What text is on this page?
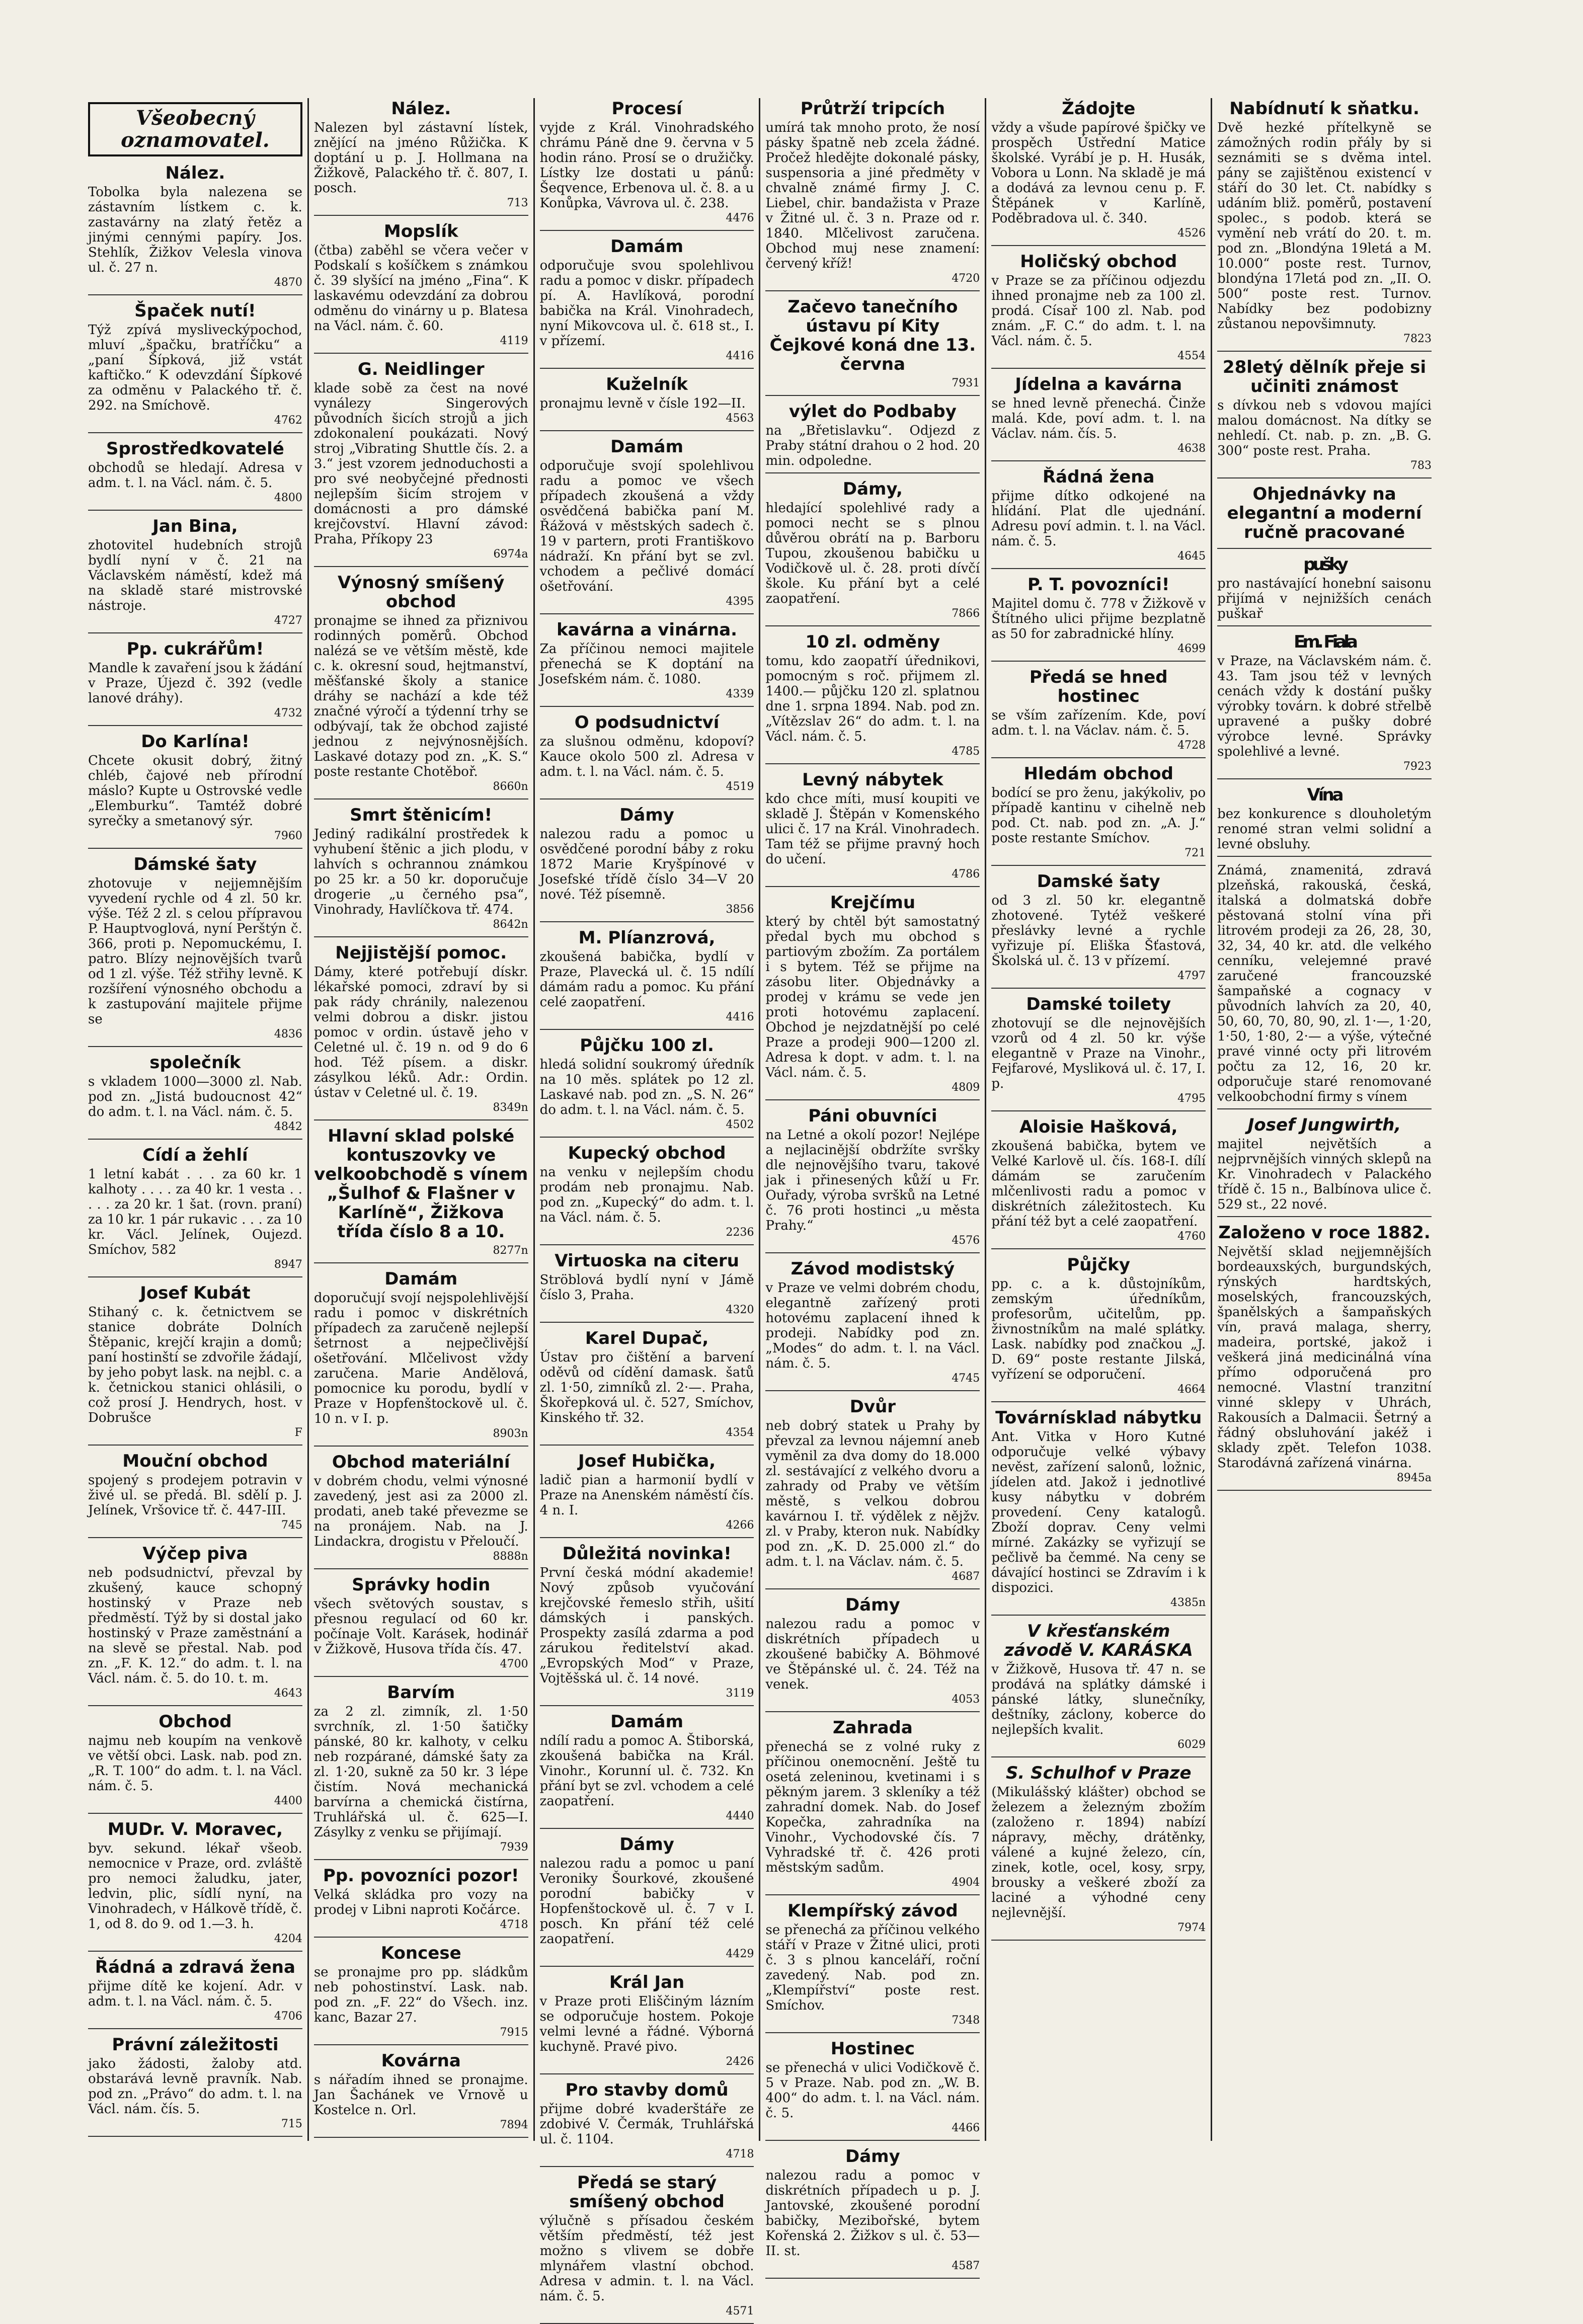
Všeobecný oznamovatel.
Nález.

Tobolka byla nalezena se zástavním lístkem c. k. zastavárny na zlatý řetěz a jinými cennými papíry. Jos. Stehlík, Žižkov Velesla vinova ul. č. 27 n.

4870
Špaček nutí!

Týž zpívá mysliveckýpochod, mluví „špačku, bratříčku“ a „paní Šípková, již vstát kaftičko.“ K odevzdání Šípkové za odměnu v Palackého tř. č. 292. na Smíchově.

4762
Sprostředkovatelé

obchodů se hledají. Adresa v adm. t. l. na Václ. nám. č. 5.

4800
Jan Bina,

zhotovitel hudebních strojů bydlí nyní v č. 21 na Václavském náměstí, kdež má na skladě staré mistrovské nástroje.

4727
Pp. cukrářům!

Mandle k zavaření jsou k žádání v Praze, Újezd č. 392 (vedle lanové dráhy).

4732
Do Karlína!

Chcete okusit dobrý, žitný chléb, čajové neb přírodní máslo? Kupte u Ostrovské vedle „Elemburku“. Tamtéž dobré syrečky a smetanový sýr.

7960
Dámské šaty

zhotovuje v nejjemnějším vyvedení rychle od 4 zl. 50 kr. výše. Též 2 zl. s celou přípravou P. Hauptvoglová, nyní Perštýn č. 366, proti p. Nepomuckému, I. patro. Blízy nejnovějších tvarů od 1 zl. výše. Též střihy levně. K rozšíření výnosného obchodu a k zastupování majitele přijme se

4836
společník

s vkladem 1000—3000 zl. Nab. pod zn. „Jistá budoucnost 42“ do adm. t. l. na Václ. nám. č. 5.

4842
Cídí a žehlí

1 letní kabát . . . za 60 kr. 1 kalhoty . . . . za 40 kr. 1 vesta . . . . . za 20 kr. 1 šat. (rovn. praní) za 10 kr. 1 pár rukavic . . . za 10 kr. Václ. Jelínek, Oujezd. Smíchov, 582

8947
Josef Kubát

Stihaný c. k. četnictvem se stanice dobráte Dolních Štěpanic, krejčí krajin a domů; paní hostinští se zdvořile žádají, by jeho pobyt lask. na nejbl. c. a k. četnickou stanici ohlásili, o což prosí J. Hendrych, host. v Dobrušce

F
Mouční obchod

spojený s prodejem potravin v živé ul. se předá. Bl. sdělí p. J. Jelínek, Vršovice tř. č. 447-III.

745
Výčep piva

neb podsudnictví, převzal by zkušený, kauce schopný hostinský v Praze neb předměstí. Týž by si dostal jako hostinský v Praze zaměstnání a na slevě se přestal. Nab. pod zn. „F. K. 12.“ do adm. t. l. na Václ. nám. č. 5. do 10. t. m.

4643
Obchod

najmu neb koupím na venkově ve větší obci. Lask. nab. pod zn. „R. T. 100“ do adm. t. l. na Václ. nám. č. 5.

4400
MUDr. V. Moravec,

byv. sekund. lékař všeob. nemocnice v Praze, ord. zvláště pro nemoci žaludku, jater, ledvin, plic, sídlí nyní, na Vinohradech, v Hálkově třídě, č. 1, od 8. do 9. od 1.—3. h.

4204
Řádná a zdravá žena

přijme dítě ke kojení. Adr. v adm. t. l. na Václ. nám. č. 5.

4706
Právní záležitosti

jako žádosti, žaloby atd. obstarává levně pravník. Nab. pod zn. „Právo“ do adm. t. l. na Václ. nám. čís. 5.

715
Nález.

Nalezen byl zástavní lístek, znějící na jméno Růžička. K doptání u p. J. Hollmana na Žižkově, Palackého tř. č. 807, I. posch.

713
Mopslík

(čtba) zaběhl se včera večer v Podskalí s košíčkem s známkou č. 39 slyšící na jméno „Fina“. K laskavému odevzdání za dobrou odměnu do vinárny u p. Blatesa na Václ. nám. č. 60.

4119
G. Neidlinger

klade sobě za čest na nové vynálezy Singerových původních šicích strojů a jich zdokonalení poukázati. Nový stroj „Vibrating Shuttle čís. 2. a 3.“ jest vzorem jednoduchosti a pro své neobyčejné přednosti nejlepším šicím strojem v domácnosti a pro dámské krejčovství. Hlavní závod: Praha, Příkopy 23

6974a
Výnosný smíšený obchod

pronajme se ihned za přiznivou rodinných poměrů. Obchod nalézá se ve větším městě, kde c. k. okresní soud, hejtmanství, měšťanské školy a stanice dráhy se nachází a kde též značné výročí a týdenní trhy se odbývají, tak že obchod zajisté jednou z nejvýnosnějších. Laskavé dotazy pod zn. „K. S.“ poste restante Chotěboř.

8660n
Smrt štěnicím!

Jediný radikální prostředek k vyhubení štěnic a jich plodu, v lahvích s ochrannou známkou po 25 kr. a 50 kr. doporučuje drogerie „u černého psa“, Vinohrady, Havlíčkova tř. 474.

8642n
Nejjistější pomoc.

Dámy, které potřebují dískr. lékařské pomoci, zdraví by si pak rády chránily, nalezenou velmi dobrou a diskr. jistou pomoc v ordin. ústavě jeho v Celetné ul. č. 19 n. od 9 do 6 hod. Též písem. a diskr. zásylkou léků. Adr.: Ordin. ústav v Celetné ul. č. 19.

8349n
Hlavní sklad polské kontuszovky ve velkoobchodě s vínem „Šulhof & Flašner v Karlíně“, Žižkova třída číslo 8 a 10.
8277n
Damám

doporučují svojí nejspolehlivější radu i pomoc v diskrétních případech za zaručeně nejlepší šetrnost a nejpečlivější ošetřování. Mlčelivost vždy zaručena. Marie Andělová, pomocnice ku porodu, bydlí v Praze v Hopfenštockově ul. č. 10 n. v I. p.

8903n
Obchod materiální

v dobrém chodu, velmi výnosné zavedený, jest asi za 2000 zl. prodati, aneb také převezme se na pronájem. Nab. na J. Lindackra, drogistu v Přeloučí.

8888n
Správky hodin

všech světových soustav, s přesnou regulací od 60 kr. počínaje Volt. Karásek, hodinář v Žižkově, Husova třída čís. 47.

4700
Barvím

za 2 zl. zimník, zl. 1·50 svrchník, zl. 1·50 šatičky pánské, 80 kr. kalhoty, v celku neb rozpárané, dámské šaty za zl. 1·20, sukně za 50 kr. 3 lépe čistím. Nová mechanická barvírna a chemická čistírna, Truhlářská ul. č. 625—I. Zásylky z venku se přijímají.

7939
Pp. povozníci pozor!

Velká skládka pro vozy na prodej v Libni naproti Kočárce.

4718
Koncese

se pronajme pro pp. sládkům neb pohostinství. Lask. nab. pod zn. „F. 22“ do Všech. inz. kanc, Bazar 27.

7915
Kovárna

s nářadím ihned se pronajme. Jan Šachánek ve Vrnově u Kostelce n. Orl.

7894
Procesí

vyjde z Král. Vinohradského chrámu Páně dne 9. června v 5 hodin ráno. Prosí se o družičky. Lístky lze dostati u pánů: Šeqvence, Erbenova ul. č. 8. a u Konůpka, Vávrova ul. č. 238.

4476
Damám

odporučuje svou spolehlivou radu a pomoc v diskr. případech pí. A. Havlíková, porodní babička na Král. Vinohradech, nyní Mikovcova ul. č. 618 st., I. v přízemí.

4416
Kuželník

pronajmu levně v čísle 192—II.

4563
Damám

odporučuje svojí spolehlivou radu a pomoc ve všech případech zkoušená a vždy osvědčená babička paní M. Řážová v městských sadech č. 19 v partern, proti Františkovo nádraží. Kn přání byt se zvl. vchodem a pečlivé domácí ošetřování.

4395
kavárna a vinárna.

Za příčinou nemoci majitele přenechá se K doptání na Josefském nám. č. 1080.

4339
O podsudnictví

za slušnou odměnu, kdopoví? Kauce okolo 500 zl. Adresa v adm. t. l. na Václ. nám. č. 5.

4519
Dámy

nalezou radu a pomoc u osvědčené porodní báby z roku 1872 Marie Kryšpínové v Josefské třídě číslo 34—V 20 nové. Též písemně.

3856
M. Plíanzrová,

zkoušená babička, bydlí v Praze, Plavecká ul. č. 15 ndílí dámám radu a pomoc. Ku přání celé zaopatření.

4416
Půjčku 100 zl.

hledá solidní soukromý úředník na 10 měs. splátek po 12 zl. Laskavé nab. pod zn. „S. N. 26“ do adm. t. l. na Václ. nám. č. 5.

4502
Kupecký obchod

na venku v nejlepším chodu prodám neb pronajmu. Nab. pod zn. „Kupecký“ do adm. t. l. na Václ. nám. č. 5.

2236
Virtuoska na citeru

Ströblová bydlí nyní v Jámě číslo 3, Praha.

4320
Karel Dupač,

Ústav pro čištění a barvení oděvů od cídění damask. šatů zl. 1·50, zimníků zl. 2·—. Praha, Škořepková ul. č. 527, Smíchov, Kinského tř. 32.

4354
Josef Hubička,

ladič pian a harmonií bydlí v Praze na Anenském náměstí čís. 4 n. I.

4266
Důležitá novinka!

První česká módní akademie! Nový způsob vyučování krejčovské řemeslo střih, ušití dámských i panských. Prospekty zasílá zdarma a pod zárukou ředitelství akad. „Evropských Mod“ v Praze, Vojtěšská ul. č. 14 nové.

3119
Damám

ndílí radu a pomoc A. Štiborská, zkoušená babička na Král. Vinohr., Korunní ul. č. 732. Kn přání byt se zvl. vchodem a celé zaopatření.

4440
Dámy

nalezou radu a pomoc u paní Veroniky Šourkové, zkoušené porodní babičky v Hopfenštockově ul. č. 7 v I. posch. Kn přání též celé zaopatření.

4429
Král Jan

v Praze proti Eliščiným lázním se odporučuje hostem. Pokoje velmi levné a řádné. Výborná kuchyně. Pravé pivo.

2426
Pro stavby domů

přijme dobré kvaderštáře ze zdobivé V. Čermák, Truhlářská ul. č. 1104.

4718
Předá se starý smíšený obchod

výlučně s přísadou českém větším předměstí, též jest možno s vlivem se dobře mlynářem vlastní obchod. Adresa v admin. t. l. na Václ. nám. č. 5.

4571
Průtrží tripcích

umírá tak mnoho proto, že nosí pásky špatně neb zcela žádné. Pročež hledějte dokonalé pásky, suspensoria a jiné předměty v chvalně známé firmy J. C. Liebel, chir. bandažista v Praze v Žitné ul. č. 3 n. Praze od r. 1840. Mlčelivost zaručena. Obchod muj nese znamení: červený kříž!

4720
Začevo tanečního ústavu pí Kity Čejkové koná dne 13. června
7931
výlet do Podbaby

na „Břetislavku“. Odjezd z Praby státní drahou o 2 hod. 20 min. odpoledne.

Dámy,

hledající spolehlivé rady a pomoci necht se s plnou důvěrou obrátí na p. Barboru Tupou, zkoušenou babičku u Vodičkově ul. č. 28. proti dívčí škole. Ku přání byt a celé zaopatření.

7866
10 zl. odměny

tomu, kdo zaopatří úřednikovi, pomocným s roč. přijmem zl. 1400.— půjčku 120 zl. splatnou dne 1. srpna 1894. Nab. pod zn. „Vítězslav 26“ do adm. t. l. na Václ. nám. č. 5.

4785
Levný nábytek

kdo chce míti, musí koupiti ve skladě J. Štěpán v Komenského ulici č. 17 na Král. Vinohradech. Tam též se přijme pravný hoch do učení.

4786
Krejčímu

který by chtěl být samostatný předal bych mu obchod s partiovým zbožím. Za portálem i s bytem. Též se přijme na zásobu liter. Objednávky a prodej v krámu se vede jen proti hotovému zaplacení. Obchod je nejzdatnější po celé Praze a prodeji 900—1200 zl. Adresa k dopt. v adm. t. l. na Václ. nám. č. 5.

4809
Páni obuvníci

na Letné a okolí pozor! Nejlépe a nejlacinější obdržíte svršky dle nejnovějšího tvaru, takové jak i přinesených kůží u Fr. Ouřady, výroba svršků na Letné č. 76 proti hostinci „u města Prahy.“

4576
Závod modistský

v Praze ve velmi dobrém chodu, elegantně zařízený proti hotovému zaplacení ihned k prodeji. Nabídky pod zn. „Modes“ do adm. t. l. na Václ. nám. č. 5.

4745
Dvůr

neb dobrý statek u Prahy by převzal za levnou nájemní aneb vyměnil za dva domy do 18.000 zl. sestávající z velkého dvoru a zahrady od Praby ve větším městě, s velkou dobrou kavárnou I. tř. výdělek z nějžv. zl. v Praby, kteron nuk. Nabídky pod zn. „K. D. 25.000 zl.“ do adm. t. l. na Václav. nám. č. 5.

4687
Dámy

nalezou radu a pomoc v diskrétních případech u zkoušené babičky A. Böhmové ve Štěpánské ul. č. 24. Též na venek.

4053
Zahrada

přenechá se z volné ruky z příčinou onemocnění. Ještě tu osetá zeleninou, kvetinami i s pěkným jarem. 3 skleníky a též zahradní domek. Nab. do Josef Kopečka, zahradníka na Vinohr., Vychodovské čís. 7 Vyhradské tř. č. 426 proti městským sadům.

4904
Klempířský závod

se přenechá za příčinou velkého stáří v Praze v Žitné ulici, proti č. 3 s plnou kanceláří, roční zavedený. Nab. pod zn. „Klempířství“ poste rest. Smíchov.

7348
Hostinec

se přenechá v ulici Vodičkově č. 5 v Praze. Nab. pod zn. „W. B. 400“ do adm. t. l. na Václ. nám. č. 5.

4466
Dámy

nalezou radu a pomoc v diskrétních případech u p. J. Jantovské, zkoušené porodní babičky, Mezibořské, bytem Kořenská 2. Žižkov s ul. č. 53—II. st.

4587
Žádojte

vždy a všude papírové špičky ve prospěch Ústřední Matice školské. Vyrábí je p. H. Husák, Vobora u Lonn. Na skladě je má a dodává za levnou cenu p. F. Štěpánek v Karlíně, Poděbradova ul. č. 340.

4526
Holičský obchod

v Praze se za příčinou odjezdu ihned pronajme neb za 100 zl. prodá. Císař 100 zl. Nab. pod znám. „F. C.“ do adm. t. l. na Václ. nám. č. 5.

4554
Jídelna a kavárna

se hned levně přenechá. Činže malá. Kde, poví adm. t. l. na Václav. nám. čís. 5.

4638
Řádná žena

přijme dítko odkojené na hlídání. Plat dle ujednání. Adresu poví admin. t. l. na Václ. nám. č. 5.

4645
P. T. povozníci!

Majitel domu č. 778 v Žižkově v Štítného ulici přijme bezplatně as 50 for zabradnické hlíny.

4699
Předá se hned hostinec

se vším zařízením. Kde, poví adm. t. l. na Václav. nám. č. 5.

4728
Hledám obchod

bodící se pro ženu, jakýkoliv, po případě kantinu v cihelně neb pod. Ct. nab. pod zn. „A. J.“ poste restante Smíchov.

721
Damské šaty

od 3 zl. 50 kr. elegantně zhotovené. Tytéž veškeré přeslávky levné a rychle vyřizuje pí. Eliška Šťastová, Školská ul. č. 13 v přízemí.

4797
Damské toilety

zhotovují se dle nejnovějších vzorů od 4 zl. 50 kr. výše elegantně v Praze na Vinohr., Fejfarové, Mysliková ul. č. 17, I. p.

4795
Aloisie Hašková,

zkoušená babička, bytem ve Velké Karlově ul. čís. 168-I. dílí dámám se zaručením mlčenlivosti radu a pomoc v diskrétních záležitostech. Ku přání též byt a celé zaopatření.

4760
Půjčky

pp. c. a k. důstojníkům, zemským úředníkům, profesorům, učitelům, pp. živnostníkům na malé splátky. Lask. nabídky pod značkou „J. D. 69“ poste restante Jilská, vyřízení se odporučení.

4664
Továrnísklad nábytku

Ant. Vitka v Horo Kutné odporučuje velké výbavy nevěst, zařízení salonů, ložnic, jídelen atd. Jakož i jednotlivé kusy nábytku v dobrém provedení. Ceny katalogů. Zboží doprav. Ceny velmi mírné. Zakázky se vyřizují se pečlivě ba čemmé. Na ceny se dávající hostinci se Zdravím i k dispozici.

4385n
V křesťanském závodě V. KARÁSKA

v Žižkově, Husova tř. 47 n. se prodává na splátky dámské i pánské látky, slunečníky, deštníky, záclony, koberce do nejlepších kvalit.

6029
S. Schulhof v Praze

(Mikulášský klášter) obchod se železem a železným zbožím (založeno r. 1894) nabízí nápravy, měchy, drátěnky, válené a kujné železo, cín, zinek, kotle, ocel, kosy, srpy, brousky a veškeré zboží za laciné a výhodné ceny nejlevnější.

7974
Nabídnutí k sňatku.

Dvě hezké přítelkyně se zámožných rodin přály by si seznámiti se s dvěma intel. pány se zajištěnou existencí v stáří do 30 let. Ct. nabídky s udáním bliž. poměrů, postavení spolec., s podob. která se vymění neb vrátí do 20. t. m. pod zn. „Blondýna 19letá a M. 10.000“ poste rest. Turnov, blondýna 17letá pod zn. „II. O. 500“ poste rest. Turnov. Nabídky bez podobizny zůstanou nepovšimnuty.

7823
28letý dělník přeje si učiniti známost

s dívkou neb s vdovou majíci malou domácnost. Na dítky se nehledí. Ct. nab. p. zn. „B. G. 300“ poste rest. Praha.

783
Ohjednávky na elegantní a moderní ručně pracované
pušky

pro nastávající honební saisonu přijímá v nejnižších cenách puškař

Em. Fiala

v Praze, na Václavském nám. č. 43. Tam jsou též v levných cenách vždy k dostání pušky výrobky továrn. k dobré střelbě upravené a pušky dobré výrobce levné. Správky spolehlivé a levné.

7923
Vína

bez konkurence s dlouholetým renomé stran velmi solidní a levné obsluhy.

Známá, znamenitá, zdravá plzeňská, rakouská, česká, italská a dolmatská dobře pěstovaná stolní vína při litrovém prodeji za 26, 28, 30, 32, 34, 40 kr. atd. dle velkého cenníku, velejemné pravé zaručené francouzské šampaňské a cognacy v původních lahvích za 20, 40, 50, 60, 70, 80, 90, zl. 1·—, 1·20, 1·50, 1·80, 2·— a výše, výtečné pravé vinné octy při litrovém počtu za 12, 16, 20 kr. odporučuje staré renomované velkoobchodní firmy s vínem

Josef Jungwirth,

majitel největších a nejprvnějších vinných sklepů na Kr. Vinohradech v Palackého třídě č. 15 n., Balbínova ulice č. 529 st., 22 nové.

Založeno v roce 1882.

Největší sklad nejjemnějších bordeauxských, burgundských, rýnských hardtských, moselských, francouzských, španělských a šampaňských vín, pravá malaga, sherry, madeira, portské, jakož i veškerá jiná medicinálná vína přímo odporučená pro nemocné. Vlastní tranzitní vinné sklepy v Uhrách, Rakousích a Dalmacii. Šetrný a řádný obsluhování jakéž i sklady zpět. Telefon 1038. Starodávná zařízená vinárna.

8945a
